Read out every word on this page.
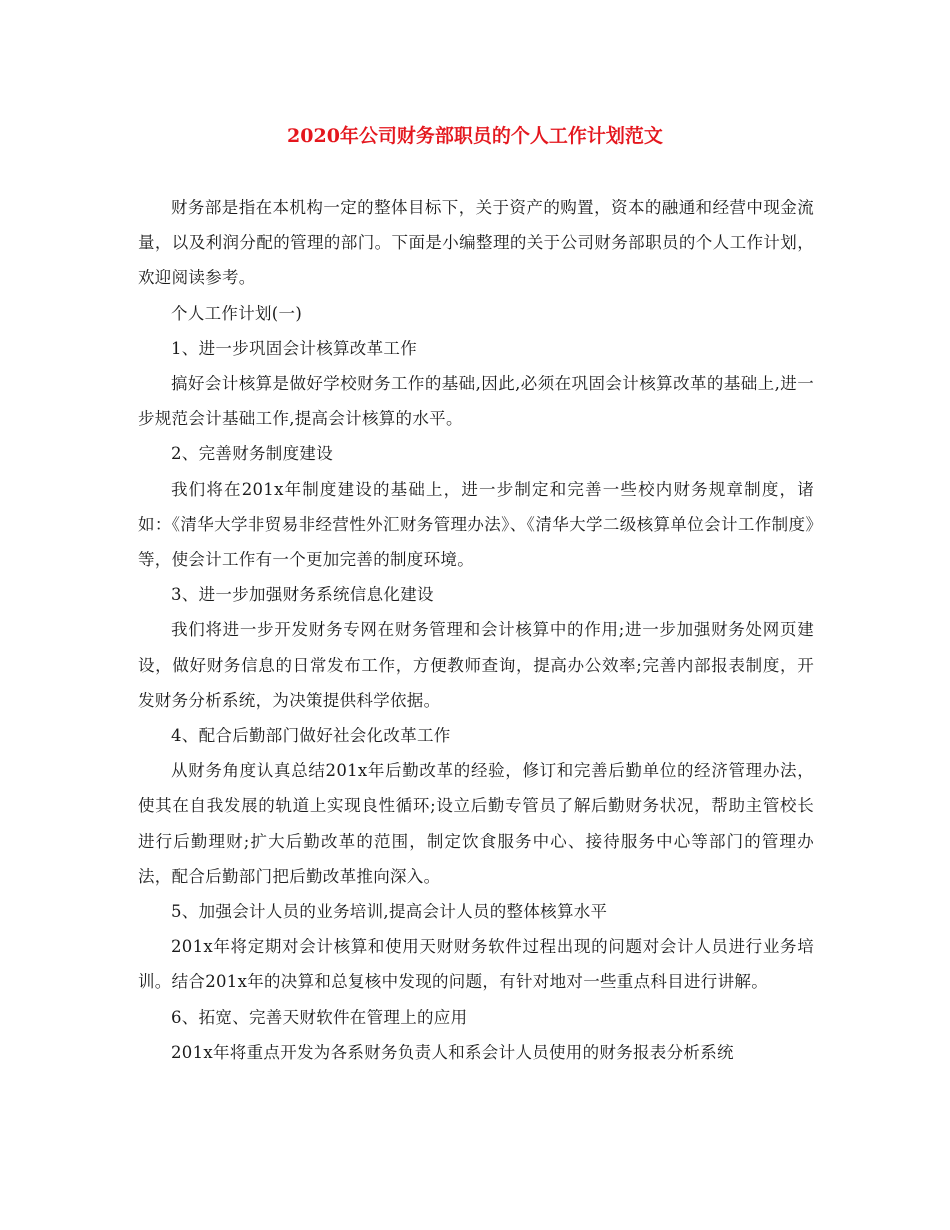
2020年公司财务部职员的个人工作计划范文

财务部是指在本机构一定的整体目标下，关于资产的购置，资本的融通和经营中现金流量，以及利润分配的管理的部门。下面是小编整理的关于公司财务部职员的个人工作计划，欢迎阅读参考。

个人工作计划(一)

1、进一步巩固会计核算改革工作

搞好会计核算是做好学校财务工作的基础,因此,必须在巩固会计核算改革的基础上,进一步规范会计基础工作,提高会计核算的水平。

2、完善财务制度建设

我们将在201x年制度建设的基础上，进一步制定和完善一些校内财务规章制度，诸如：《清华大学非贸易非经营性外汇财务管理办法》、《清华大学二级核算单位会计工作制度》等，使会计工作有一个更加完善的制度环境。

3、进一步加强财务系统信息化建设

我们将进一步开发财务专网在财务管理和会计核算中的作用;进一步加强财务处网页建设，做好财务信息的日常发布工作，方便教师查询，提高办公效率;完善内部报表制度，开发财务分析系统，为决策提供科学依据。

4、配合后勤部门做好社会化改革工作

从财务角度认真总结201x年后勤改革的经验，修订和完善后勤单位的经济管理办法，使其在自我发展的轨道上实现良性循环;设立后勤专管员了解后勤财务状况，帮助主管校长进行后勤理财;扩大后勤改革的范围，制定饮食服务中心、接待服务中心等部门的管理办法，配合后勤部门把后勤改革推向深入。

5、加强会计人员的业务培训,提高会计人员的整体核算水平

201x年将定期对会计核算和使用天财财务软件过程出现的问题对会计人员进行业务培训。结合201x年的决算和总复核中发现的问题，有针对地对一些重点科目进行讲解。

6、拓宽、完善天财软件在管理上的应用

201x年将重点开发为各系财务负责人和系会计人员使用的财务报表分析系统
